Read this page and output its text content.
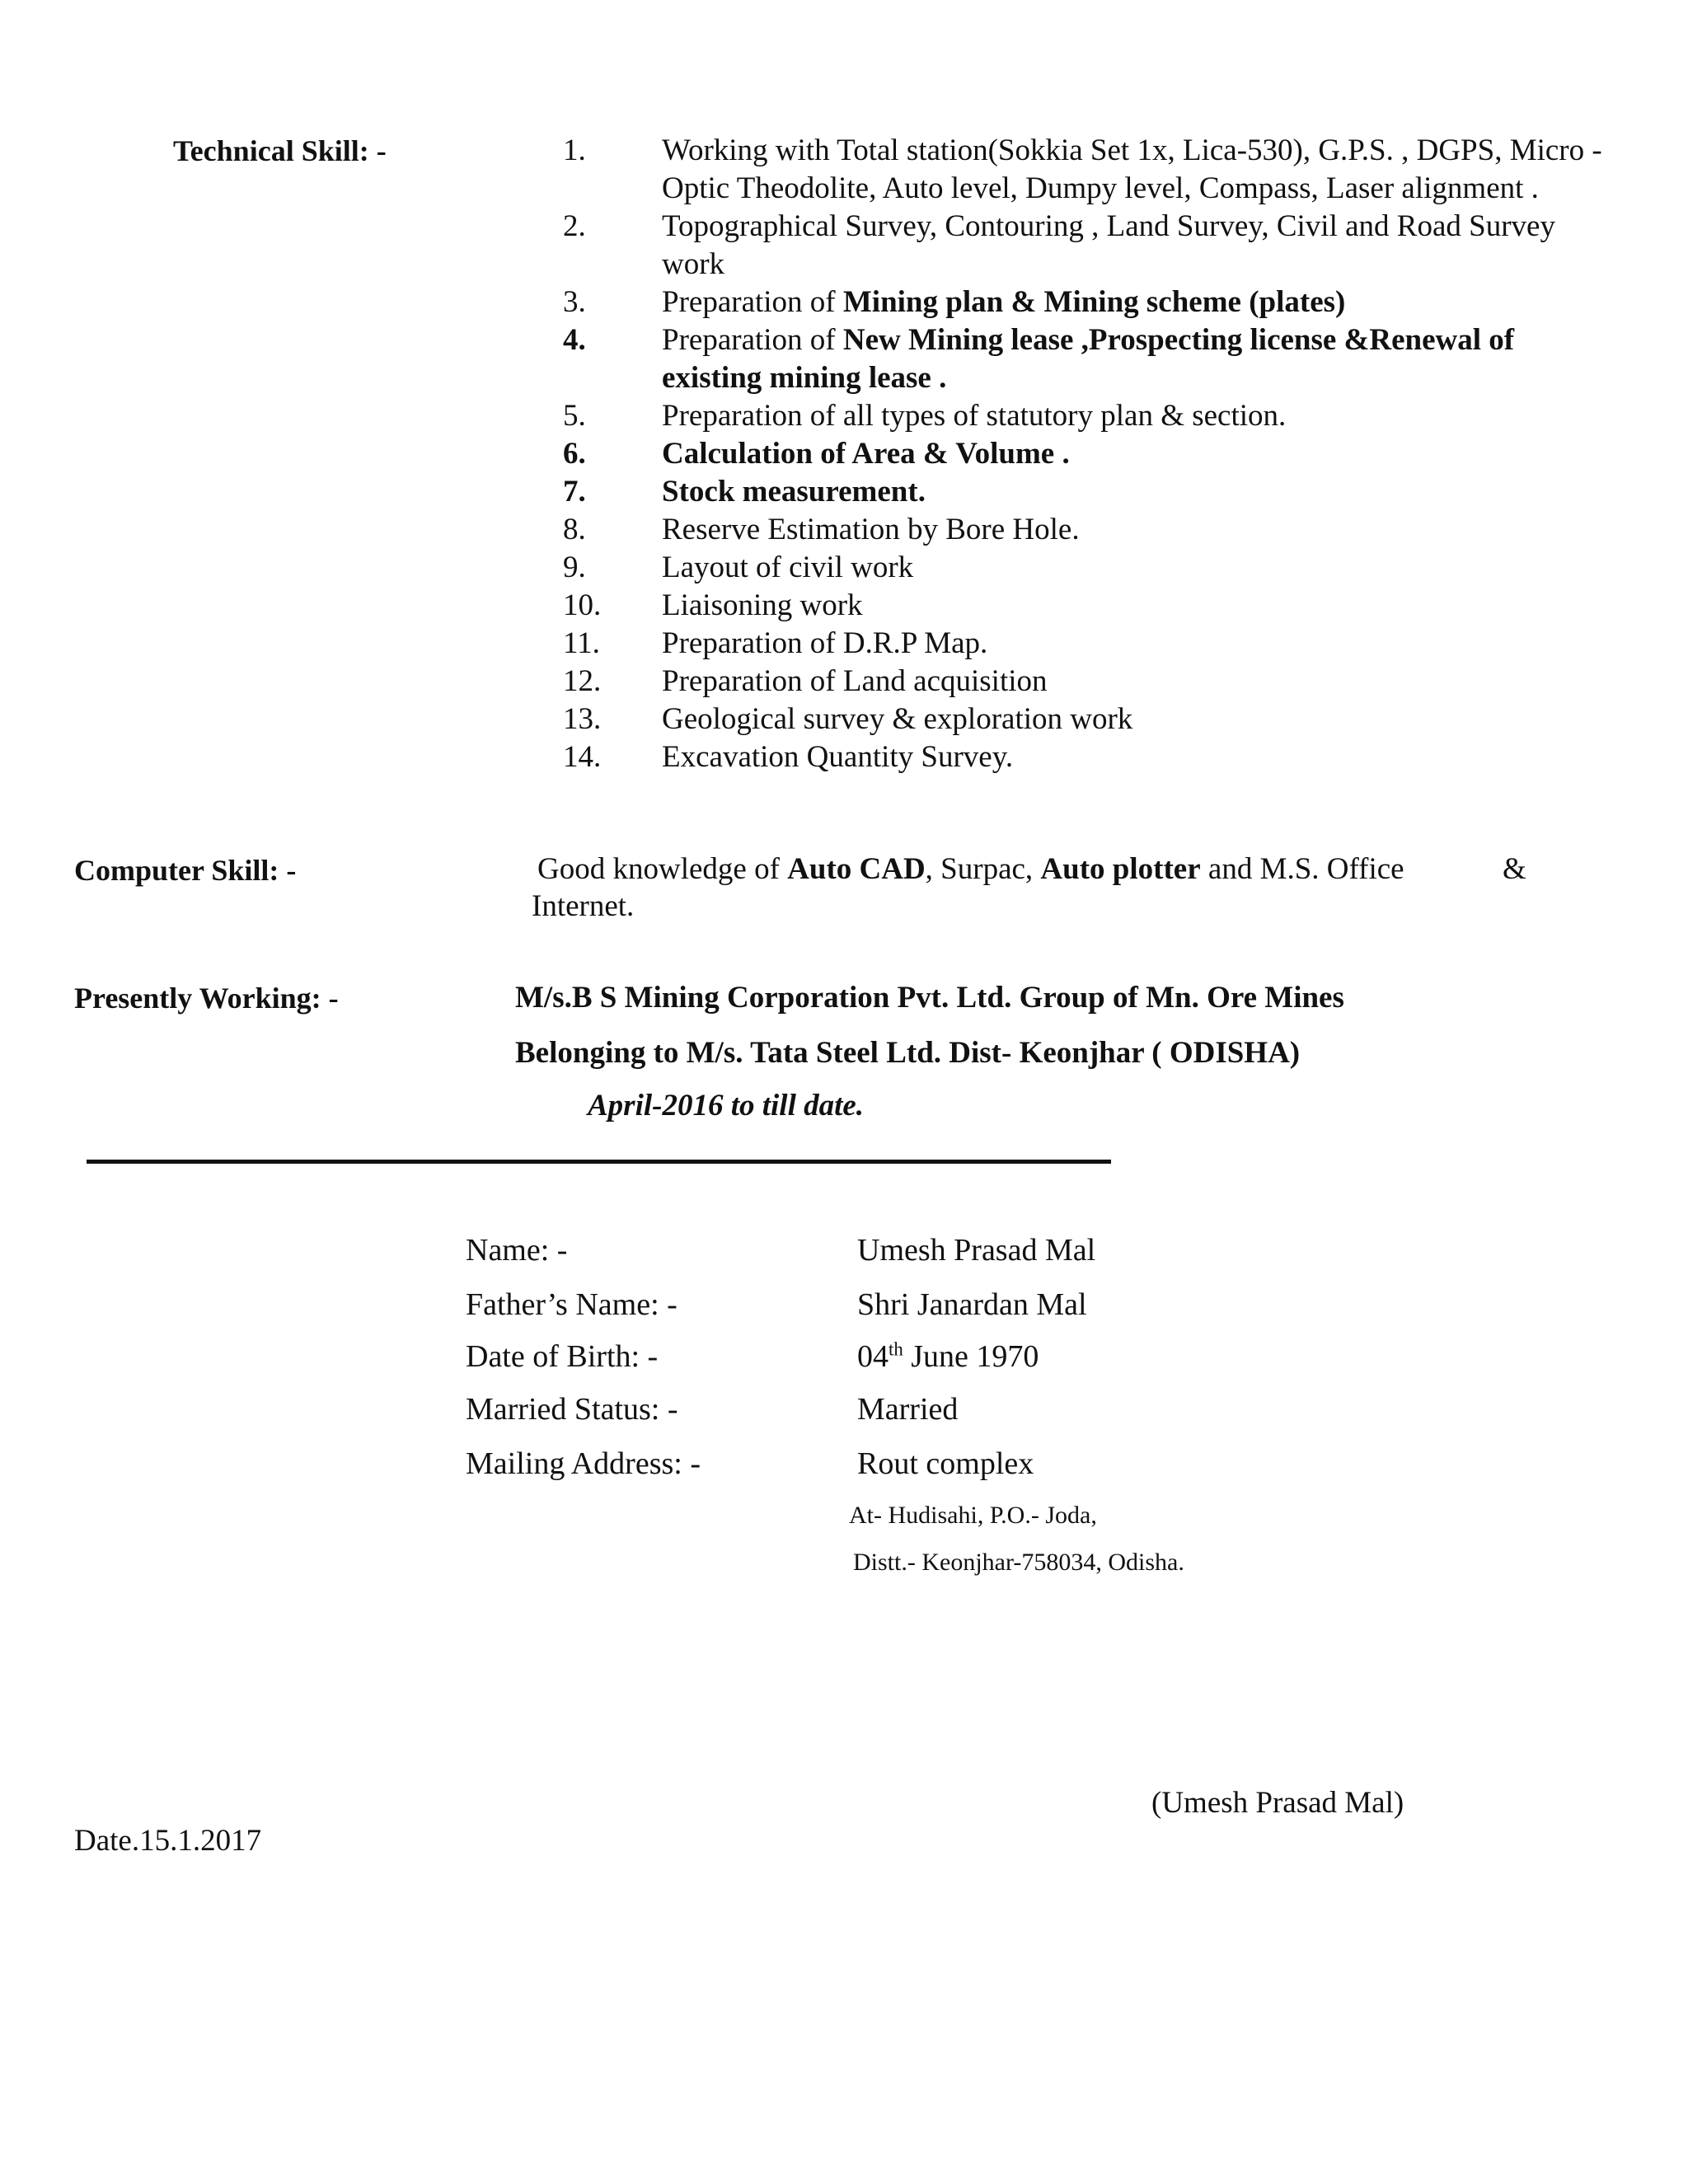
Technical Skill: -	1.	Working with Total station(Sokkia Set 1x, Lica-530), G.P.S. , DGPS, Micro -Optic Theodolite, Auto level, Dumpy level, Compass, Laser alignment .
2.	Topographical Survey, Contouring , Land Survey, Civil and Road Survey work
3.	Preparation of Mining plan & Mining scheme (plates)
4.	Preparation of New Mining lease ,Prospecting license &Renewal of existing mining lease .
5.	Preparation of all types of statutory plan & section.
6.	Calculation of Area & Volume .
7.	Stock measurement.
8.	Reserve Estimation by Bore Hole.
9.	Layout of civil work
10.	Liaisoning work
11.	Preparation of D.R.P Map.
12.	Preparation of Land acquisition
13.	Geological survey & exploration work
14.	Excavation Quantity Survey.
Computer Skill: -	Good knowledge of Auto CAD, Surpac, Auto plotter and M.S. Office	&
Internet.
Presently Working: -	M/s.B S Mining Corporation Pvt. Ltd. Group of Mn. Ore Mines
Belonging to M/s. Tata Steel Ltd. Dist- Keonjhar ( ODISHA)
April-2016 to till date.
Name: -	Umesh Prasad Mal
Father’s Name: -	Shri Janardan Mal
Date of Birth: -	04th June 1970
Married Status: -	Married
Mailing Address: -	Rout complex
At- Hudisahi, P.O.- Joda,
Distt.- Keonjhar-758034, Odisha.
(Umesh Prasad Mal)
Date.15.1.2017
